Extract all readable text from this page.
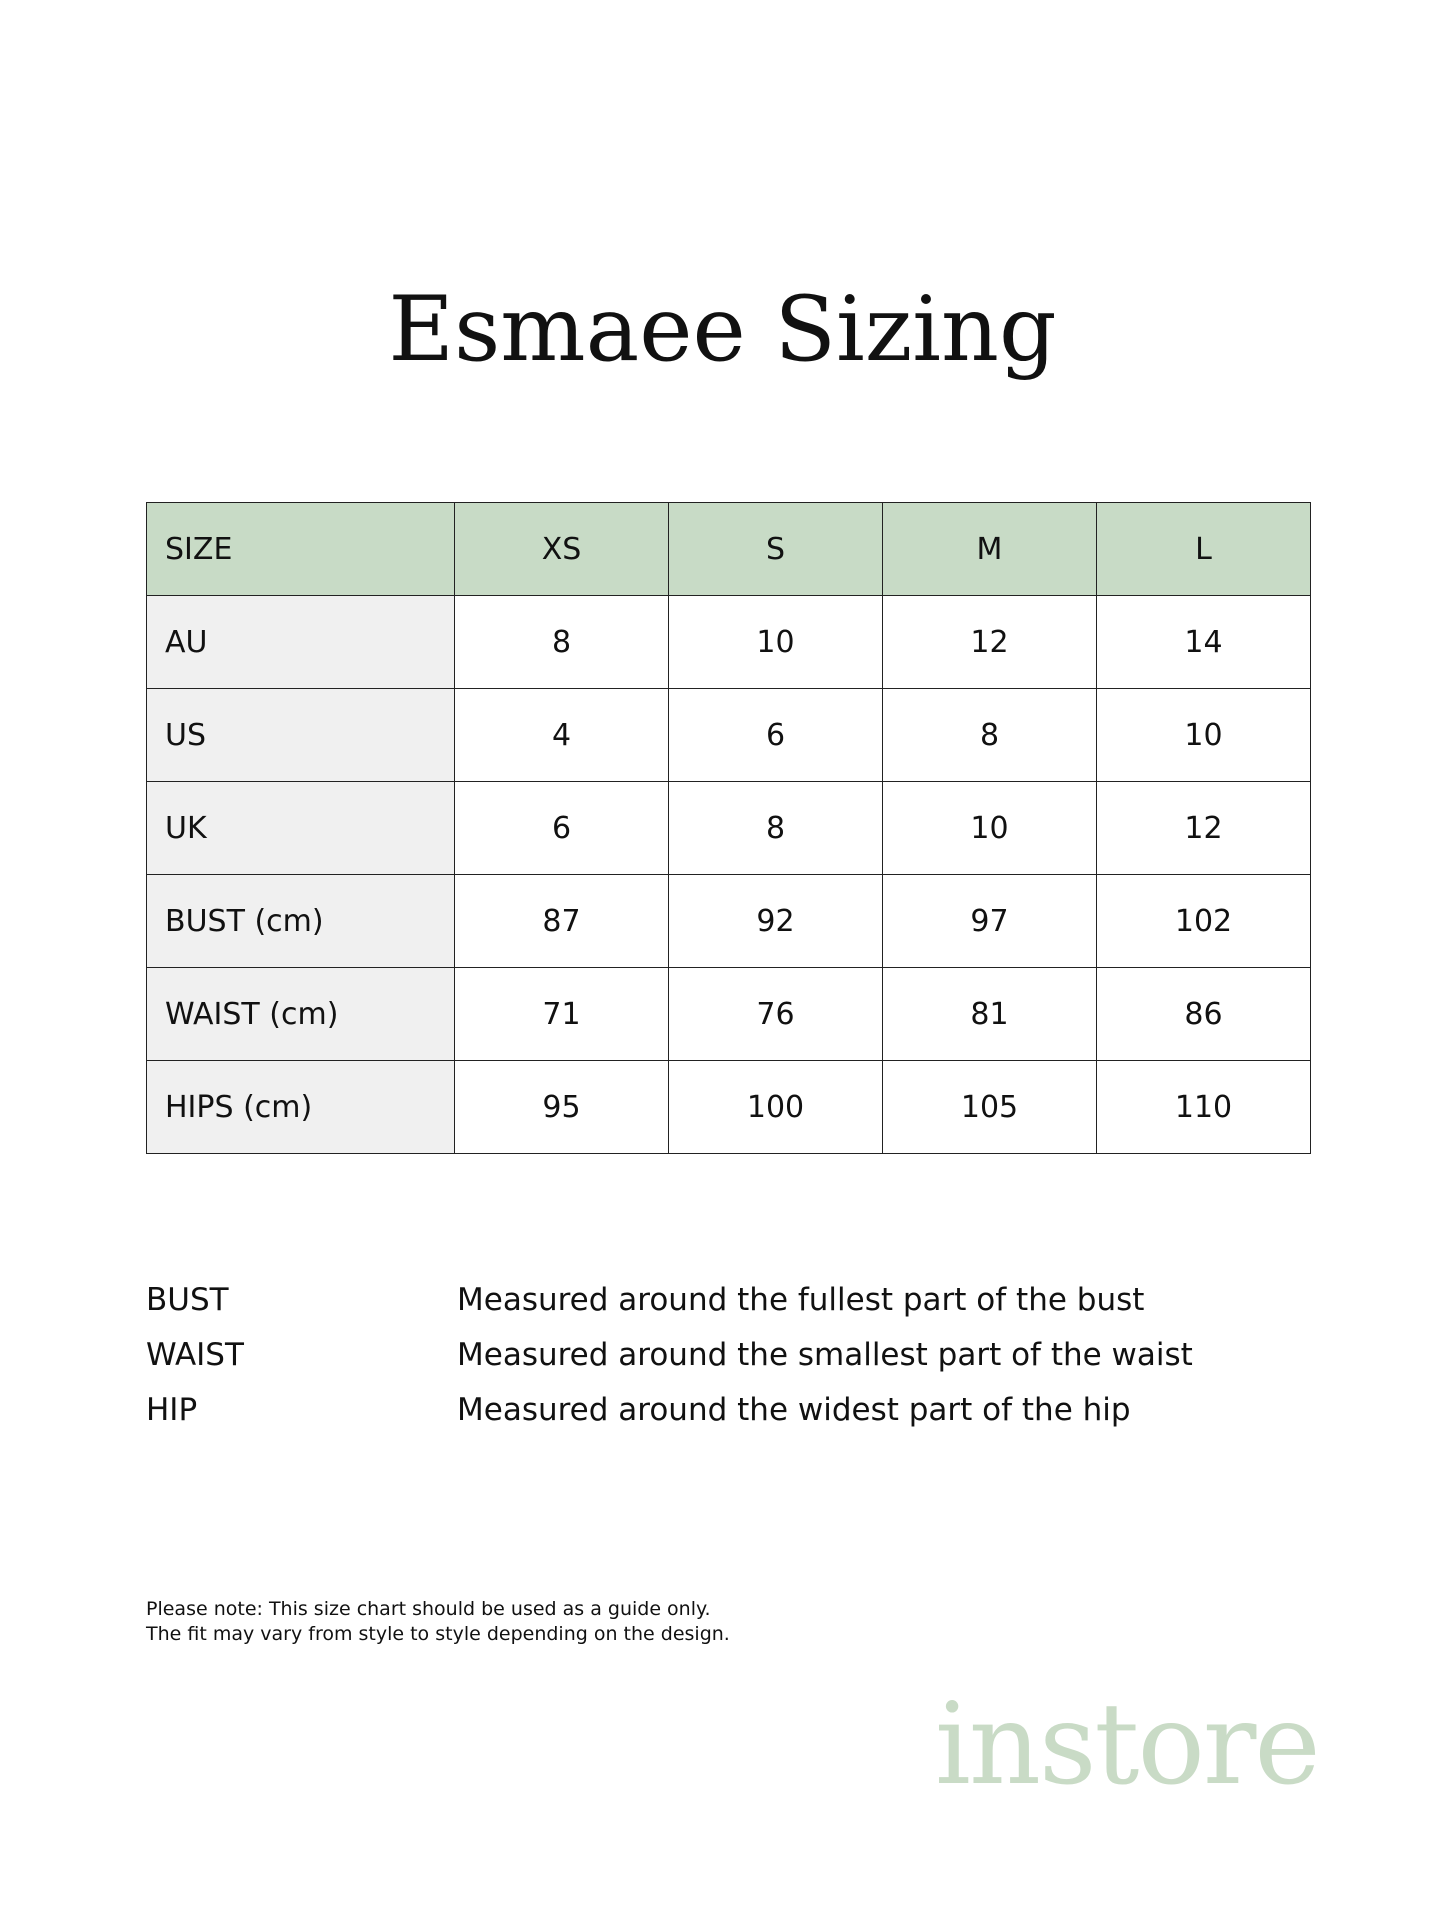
Esmaee Sizing
SIZE	XS	S	M	L
AU	8	10	12	14
US	4	6	8	10
UK	6	8	10	12
BUST (cm)	87	92	97	102
WAIST (cm)	71	76	81	86
HIPS (cm)	95	100	105	110
BUST	Measured around the fullest part of the bust
WAIST	Measured around the smallest part of the waist
HIP	Measured around the widest part of the hip
Please note: This size chart should be used as a guide only.
The fit may vary from style to style depending on the design.
instore
